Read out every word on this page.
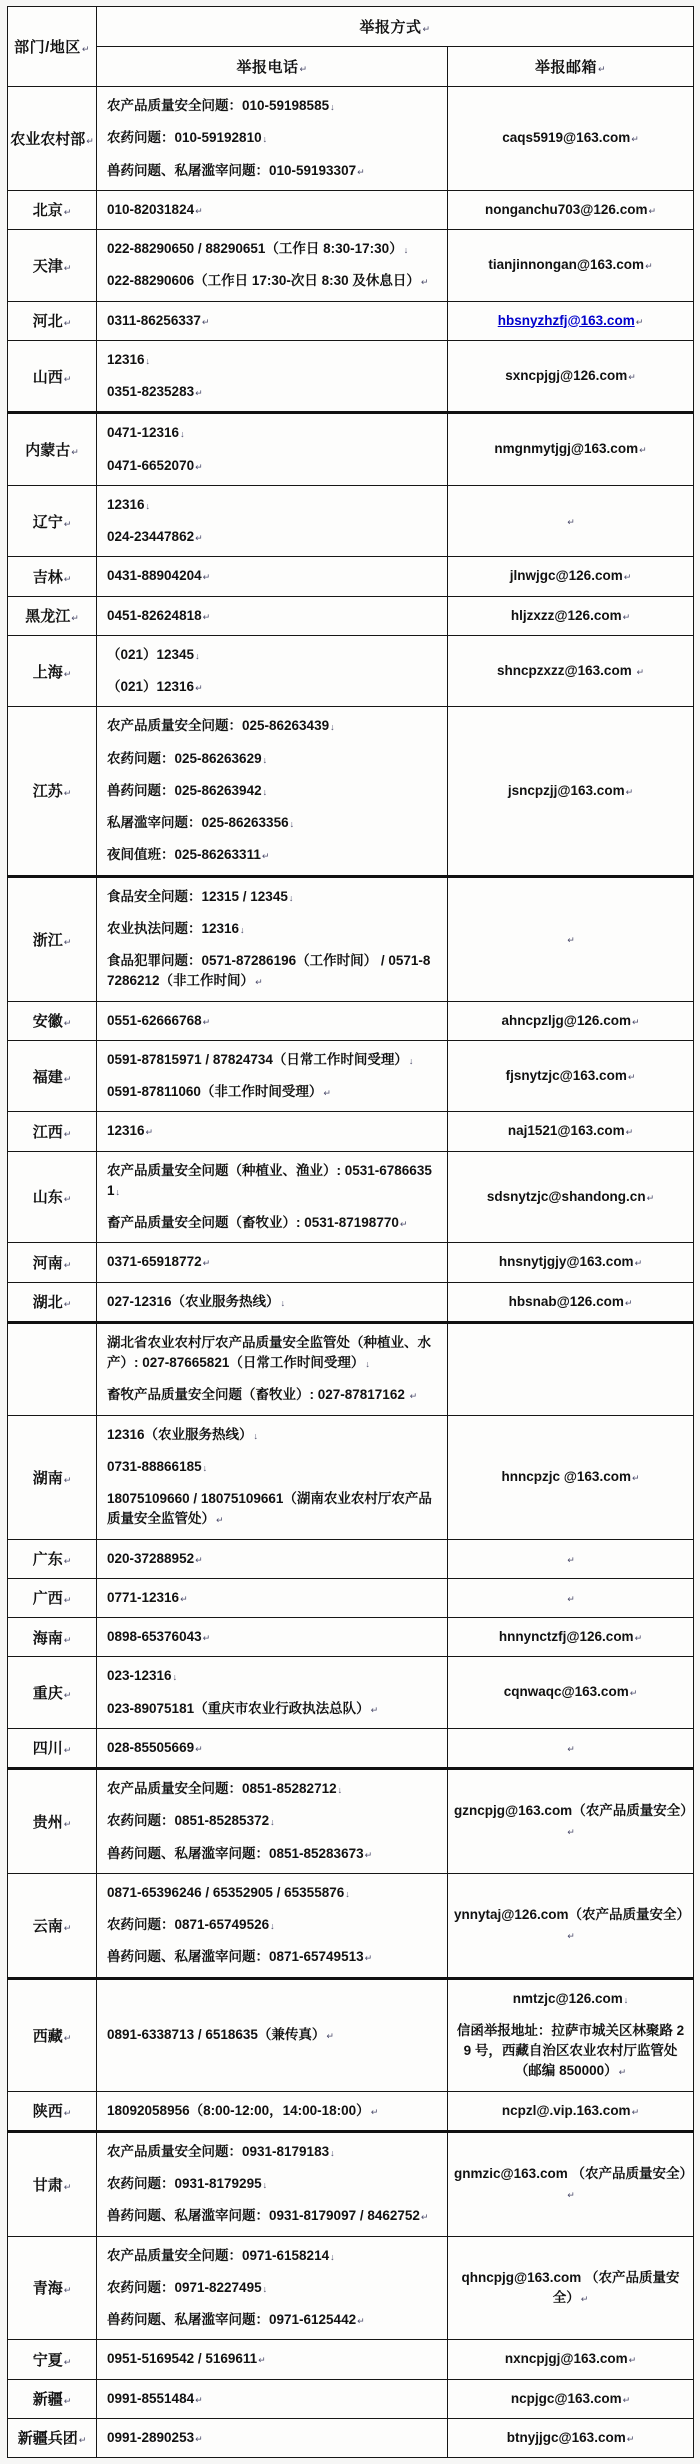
部门/地区↵	举报方式↵	
	举报电话↵	举报邮箱↵
农业农村部↵	农产品质量安全问题：010-59198585↓
农药问题：010-59192810↓
兽药问题、私屠滥宰问题：010-59193307↵	caqs5919@163.com↵

北京↵	010-82031824↵	nonganchu703@126.com↵

天津↵	022-88290650 / 88290651（工作日 8:30-17:30）↓
022-88290606（工作日 17:30-次日 8:30 及休息日）↵	tianjinnongan@163.com↵

河北↵	0311-86256337↵	hbsnyzhzfj@163.com↵

山西↵	12316↓
0351-8235283↵	sxncpjgj@126.com↵

内蒙古↵	0471-12316↓
0471-6652070↵	nmgnmytjgj@163.com↵

辽宁↵	12316↓
024-23447862↵	↵

吉林↵	0431-88904204↵	jlnwjgc@126.com↵

黑龙江↵	0451-82624818↵	hljzxzz@126.com↵

上海↵	（021）12345↓
（021）12316↵	shncpzxzz@163.com ↵

江苏↵	农产品质量安全问题：025-86263439↓
农药问题：025-86263629↓
兽药问题：025-86263942↓
私屠滥宰问题：025-86263356↓
夜间值班：025-86263311↵	jsncpzjj@163.com↵

浙江↵	食品安全问题：12315 / 12345↓
农业执法问题：12316↓
食品犯罪问题：0571-87286196（工作时间） / 0571-87286212（非工作时间）↵	↵

安徽↵	0551-62666768↵	ahncpzljg@126.com↵

福建↵	0591-87815971 / 87824734（日常工作时间受理）↓
0591-87811060（非工作时间受理）↵	fjsnytzjc@163.com↵

江西↵	12316↵	naj1521@163.com↵

山东↵	农产品质量安全问题（种植业、渔业）: 0531-67866351↓
畜产品质量安全问题（畜牧业）: 0531-87198770↵	sdsnytzjc@shandong.cn↵

河南↵	0371-65918772↵	hnsnytjgjy@163.com↵

湖北↵	027-12316（农业服务热线）↓	hbsnab@126.com↵

	湖北省农业农村厅农产品质量安全监管处（种植业、水产）: 027-87665821（日常工作时间受理）↓
畜牧产品质量安全问题（畜牧业）: 027-87817162 ↵	

湖南↵	12316（农业服务热线）↓
0731-88866185↓
18075109660 / 18075109661（湖南农业农村厅农产品质量安全监管处）↵	hnncpzjc @163.com↵

广东↵	020-37288952↵	↵

广西↵	0771-12316↵	↵

海南↵	0898-65376043↵	hnnynctzfj@126.com↵

重庆↵	023-12316↓
023-89075181（重庆市农业行政执法总队）↵	cqnwaqc@163.com↵

四川↵	028-85505669↵	↵

贵州↵	农产品质量安全问题：0851-85282712↓
农药问题：0851-85285372↓
兽药问题、私屠滥宰问题：0851-85283673↵	gzncpjg@163.com（农产品质量安全）↵

云南↵	0871-65396246 / 65352905 / 65355876↓
农药问题：0871-65749526↓
兽药问题、私屠滥宰问题：0871-65749513↵	ynnytaj@126.com（农产品质量安全）↵

西藏↵	0891-6338713 / 6518635（兼传真）↵	nmtzjc@126.com↓
信函举报地址：拉萨市城关区林聚路 29 号，西藏自治区农业农村厅监管处（邮编 850000）↵

陕西↵	18092058956（8:00-12:00，14:00-18:00）↵	ncpzl@.vip.163.com↵

甘肃↵	农产品质量安全问题：0931-8179183↓
农药问题：0931-8179295↓
兽药问题、私屠滥宰问题：0931-8179097 / 8462752↵	gnmzic@163.com （农产品质量安全）↵

青海↵	农产品质量安全问题：0971-6158214↓
农药问题：0971-8227495↓
兽药问题、私屠滥宰问题：0971-6125442↵	qhncpjg@163.com （农产品质量安全）↵

宁夏↵	0951-5169542 / 5169611↵	nxncpjgj@163.com↵

新疆↵	0991-8551484↵	ncpjgc@163.com↵

新疆兵团↵	0991-2890253↵	btnyjjgc@163.com↵
